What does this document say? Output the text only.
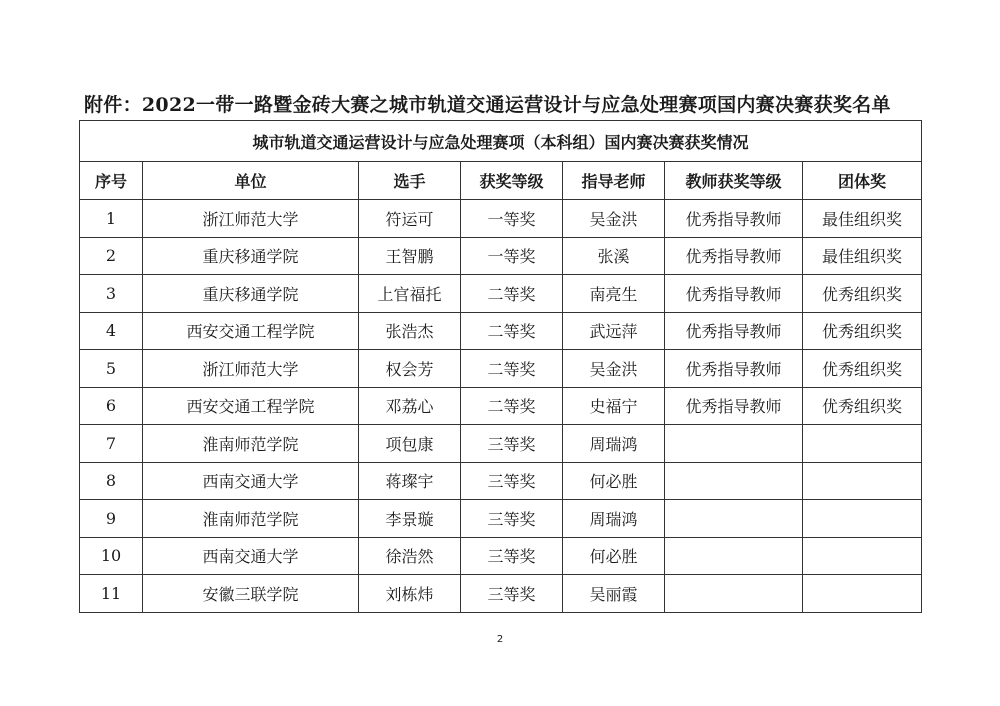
附件：2022一带一路暨金砖大赛之城市轨道交通运营设计与应急处理赛项国内赛决赛获奖名单
城市轨道交通运营设计与应急处理赛项（本科组）国内赛决赛获奖情况						
序号	单位	选手	获奖等级	指导老师	教师获奖等级	团体奖
1	浙江师范大学	符运可	一等奖	吴金洪	优秀指导教师	最佳组织奖
2	重庆移通学院	王智鹏	一等奖	张溪	优秀指导教师	最佳组织奖
3	重庆移通学院	上官福托	二等奖	南亮生	优秀指导教师	优秀组织奖
4	西安交通工程学院	张浩杰	二等奖	武远萍	优秀指导教师	优秀组织奖
5	浙江师范大学	权会芳	二等奖	吴金洪	优秀指导教师	优秀组织奖
6	西安交通工程学院	邓荔心	二等奖	史福宁	优秀指导教师	优秀组织奖
7	淮南师范学院	项包康	三等奖	周瑞鸿		
8	西南交通大学	蒋璨宇	三等奖	何必胜		
9	淮南师范学院	李景璇	三等奖	周瑞鸿		
10	西南交通大学	徐浩然	三等奖	何必胜		
11	安徽三联学院	刘栋炜	三等奖	吴丽霞		
2
